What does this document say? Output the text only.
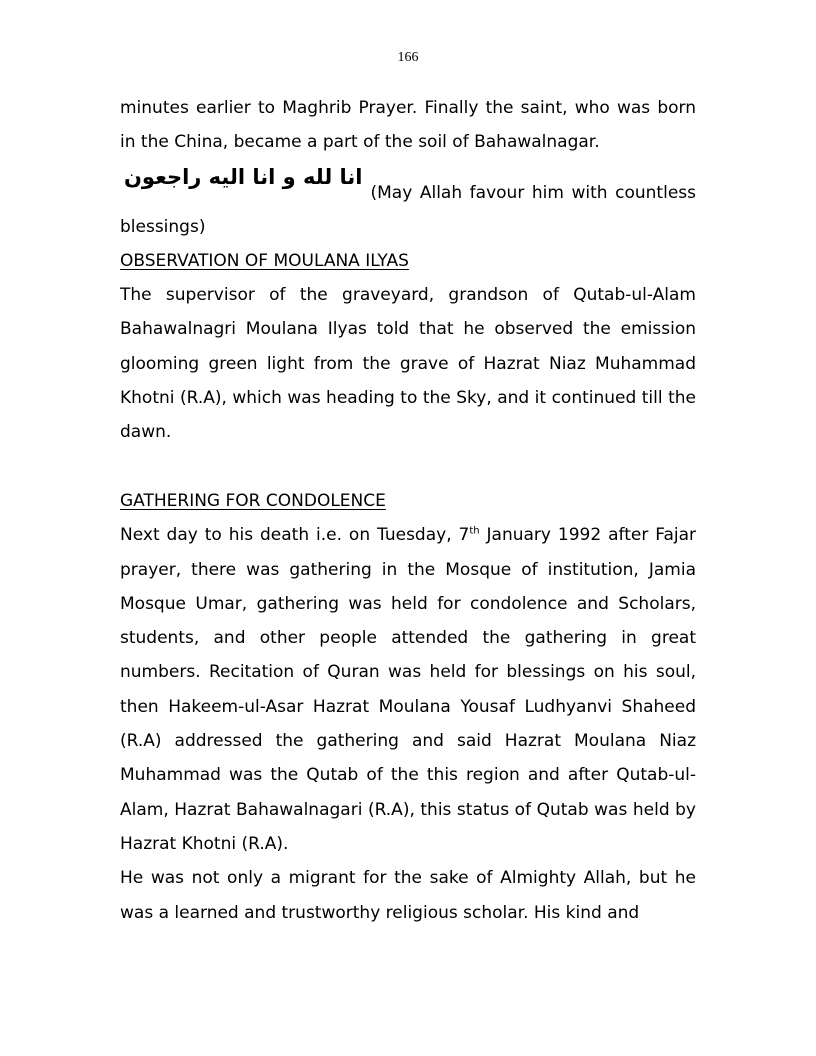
166

minutes earlier to Maghrib Prayer. Finally the saint, who was born in the China, became a part of the soil of Bahawalnagar.

انا لله و انا الیه راجعون
(May Allah favour him with countless

blessings)

OBSERVATION OF MOULANA ILYAS

The supervisor of the graveyard, grandson of Qutab-ul-Alam Bahawalnagri Moulana Ilyas told that he observed the emission glooming green light from the grave of Hazrat Niaz Muhammad Khotni (R.A), which was heading to the Sky, and it continued till the dawn.

GATHERING FOR CONDOLENCE

Next day to his death i.e. on Tuesday, 7th January 1992 after Fajar prayer, there was gathering in the Mosque of institution, Jamia Mosque Umar, gathering was held for condolence and Scholars, students, and other people attended the gathering in great numbers. Recitation of Quran was held for blessings on his soul, then Hakeem-ul-Asar Hazrat Moulana Yousaf Ludhyanvi Shaheed (R.A) addressed the gathering and said Hazrat Moulana Niaz Muhammad was the Qutab of the this region and after Qutab-ul-Alam, Hazrat Bahawalnagari (R.A), this status of Qutab was held by Hazrat Khotni (R.A).

He was not only a migrant for the sake of Almighty Allah, but he was a learned and trustworthy religious scholar. His kind and
